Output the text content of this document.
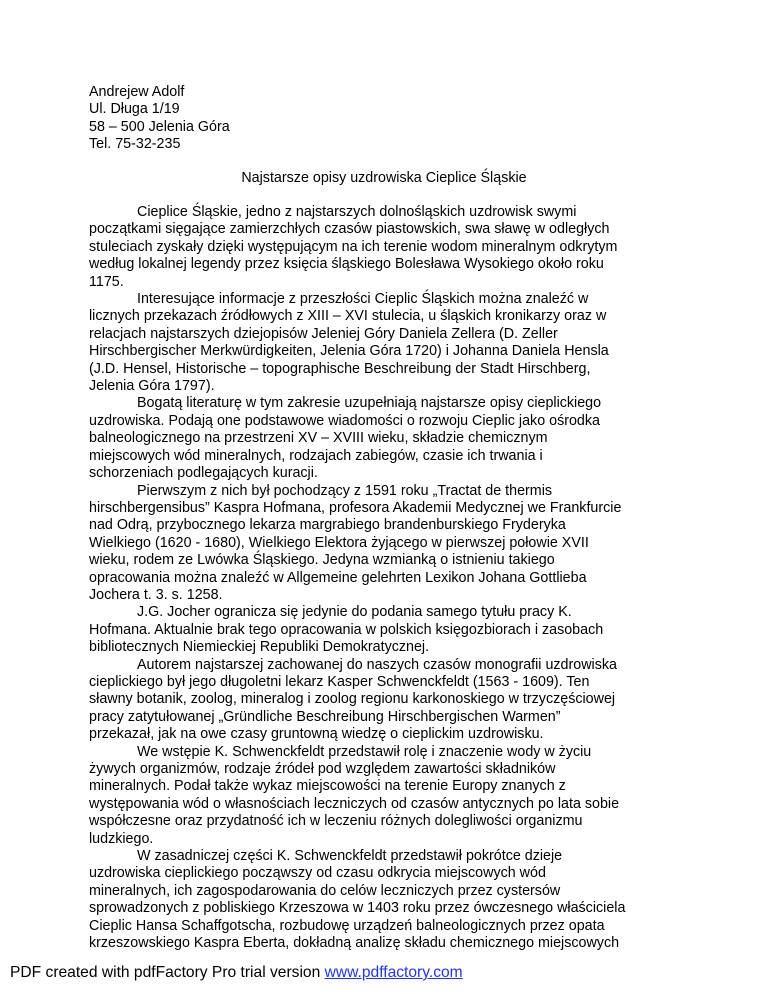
Andrejew Adolf
Ul. Długa 1/19
58 – 500 Jelenia Góra
Tel. 75-32-235
Najstarsze opisy uzdrowiska Cieplice Śląskie
Cieplice Śląskie, jedno z najstarszych dolnośląskich uzdrowisk swymi
początkami sięgające zamierzchłych czasów piastowskich, swa sławę w odległych
stuleciach zyskały dzięki występującym na ich terenie wodom mineralnym odkrytym
według lokalnej legendy przez księcia śląskiego Bolesława Wysokiego około roku
1175.
Interesujące informacje z przeszłości Cieplic Śląskich można znaleźć w
licznych przekazach źródłowych z XIII – XVI stulecia, u śląskich kronikarzy oraz w
relacjach najstarszych dziejopisów Jeleniej Góry Daniela Zellera (D. Zeller
Hirschbergischer Merkwürdigkeiten, Jelenia Góra 1720) i Johanna Daniela Hensla
(J.D. Hensel, Historische – topographische Beschreibung der Stadt Hirschberg,
Jelenia Góra 1797).
Bogatą literaturę w tym zakresie uzupełniają najstarsze opisy cieplickiego
uzdrowiska. Podają one podstawowe wiadomości o rozwoju Cieplic jako ośrodka
balneologicznego na przestrzeni XV – XVIII wieku, składzie chemicznym
miejscowych wód mineralnych, rodzajach zabiegów, czasie ich trwania i
schorzeniach podlegających kuracji.
Pierwszym z nich był pochodzący z 1591 roku „Tractat de thermis
hirschbergensibus” Kaspra Hofmana, profesora Akademii Medycznej we Frankfurcie
nad Odrą, przybocznego lekarza margrabiego brandenburskiego Fryderyka
Wielkiego (1620 - 1680), Wielkiego Elektora żyjącego w pierwszej połowie XVII
wieku, rodem ze Lwówka Śląskiego. Jedyna wzmianką o istnieniu takiego
opracowania można znaleźć w Allgemeine gelehrten Lexikon Johana Gottlieba
Jochera t. 3. s. 1258.
J.G. Jocher ogranicza się jedynie do podania samego tytułu pracy K.
Hofmana. Aktualnie brak tego opracowania w polskich księgozbiorach i zasobach
bibliotecznych Niemieckiej Republiki Demokratycznej.
Autorem najstarszej zachowanej do naszych czasów monografii uzdrowiska
cieplickiego był jego długoletni lekarz Kasper Schwenckfeldt (1563 - 1609). Ten
sławny botanik, zoolog, mineralog i zoolog regionu karkonoskiego w trzyczęściowej
pracy zatytułowanej „Gründliche Beschreibung Hirschbergischen Warmen”
przekazał, jak na owe czasy gruntowną wiedzę o cieplickim uzdrowisku.
We wstępie K. Schwenckfeldt przedstawił rolę i znaczenie wody w życiu
żywych organizmów, rodzaje źródeł pod względem zawartości składników
mineralnych. Podał także wykaz miejscowości na terenie Europy znanych z
występowania wód o własnościach leczniczych od czasów antycznych po lata sobie
współczesne oraz przydatność ich w leczeniu różnych dolegliwości organizmu
ludzkiego.
W zasadniczej części K. Schwenckfeldt przedstawił pokrótce dzieje
uzdrowiska cieplickiego począwszy od czasu odkrycia miejscowych wód
mineralnych, ich zagospodarowania do celów leczniczych przez cystersów
sprowadzonych z pobliskiego Krzeszowa w 1403 roku przez ówczesnego właściciela
Cieplic Hansa Schaffgotscha, rozbudowę urządzeń balneologicznych przez opata
krzeszowskiego Kaspra Eberta, dokładną analizę składu chemicznego miejscowych
PDF created with pdfFactory Pro trial version www.pdffactory.com
